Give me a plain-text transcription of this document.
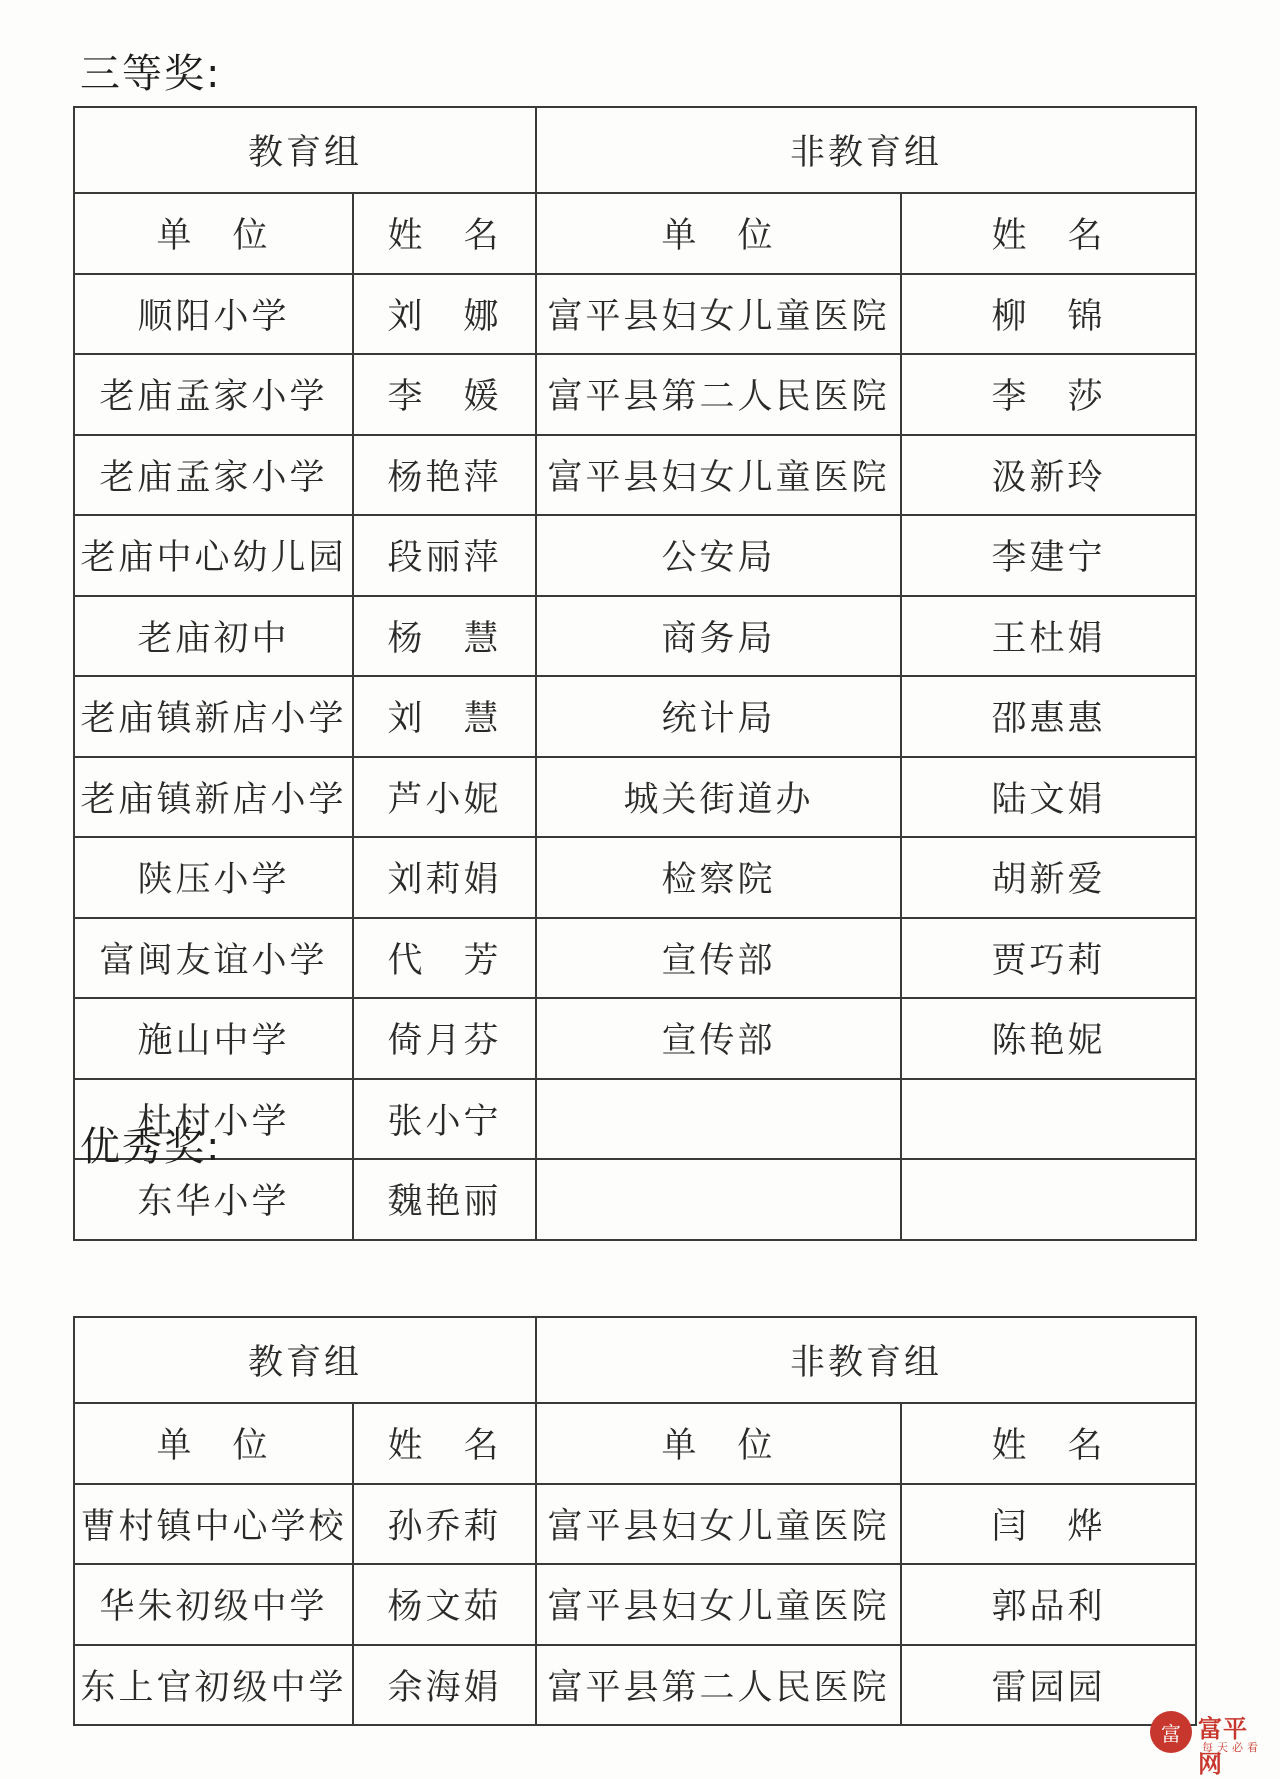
三等奖:
教育组		非教育组	
单　位	姓　名	单　位	姓　名
顺阳小学	刘　娜	富平县妇女儿童医院	柳　锦
老庙孟家小学	李　媛	富平县第二人民医院	李　莎
老庙孟家小学	杨艳萍	富平县妇女儿童医院	汲新玲
老庙中心幼儿园	段丽萍	公安局	李建宁
老庙初中	杨　慧	商务局	王杜娟
老庙镇新店小学	刘　慧	统计局	邵惠惠
老庙镇新店小学	芦小妮	城关街道办	陆文娟
陕压小学	刘莉娟	检察院	胡新爱
富闽友谊小学	代　芳	宣传部	贾巧莉
施山中学	倚月芬	宣传部	陈艳妮
杜村小学	张小宁		
东华小学	魏艳丽		
优秀奖:
教育组		非教育组	
单　位	姓　名	单　位	姓　名
曹村镇中心学校	孙乔莉	富平县妇女儿童医院	闫　烨
华朱初级中学	杨文茹	富平县妇女儿童医院	郭品利
东上官初级中学	余海娟	富平县第二人民医院	雷园园
富 富平网
每天必看
